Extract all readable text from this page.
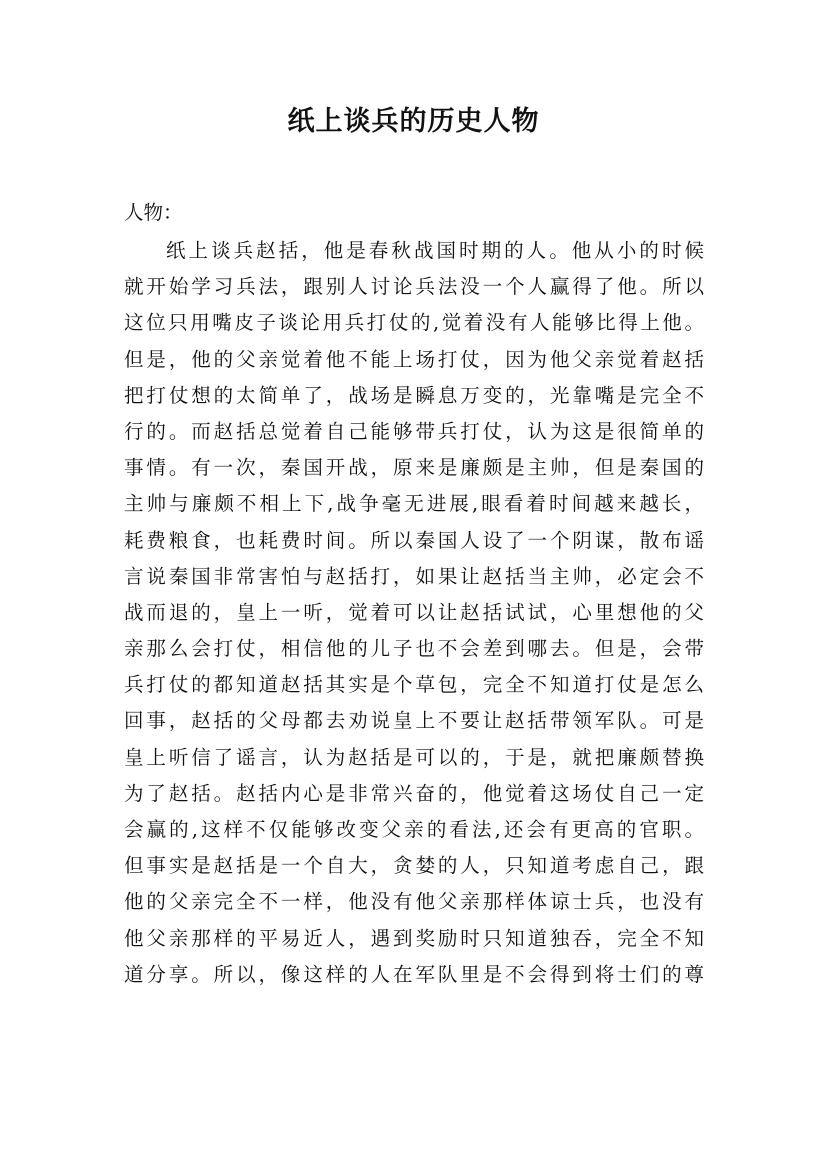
纸上谈兵的历史人物

人物：

纸上谈兵赵括，他是春秋战国时期的人。他从小的时候
就开始学习兵法，跟别人讨论兵法没一个人赢得了他。所以
这位只用嘴皮子谈论用兵打仗的,觉着没有人能够比得上他。
但是，他的父亲觉着他不能上场打仗，因为他父亲觉着赵括
把打仗想的太简单了，战场是瞬息万变的，光靠嘴是完全不
行的。而赵括总觉着自己能够带兵打仗，认为这是很简单的
事情。有一次，秦国开战，原来是廉颇是主帅，但是秦国的
主帅与廉颇不相上下,战争毫无进展,眼看着时间越来越长，
耗费粮食，也耗费时间。所以秦国人设了一个阴谋，散布谣
言说秦国非常害怕与赵括打，如果让赵括当主帅，必定会不
战而退的，皇上一听，觉着可以让赵括试试，心里想他的父
亲那么会打仗，相信他的儿子也不会差到哪去。但是，会带
兵打仗的都知道赵括其实是个草包，完全不知道打仗是怎么
回事，赵括的父母都去劝说皇上不要让赵括带领军队。可是
皇上听信了谣言，认为赵括是可以的，于是，就把廉颇替换
为了赵括。赵括内心是非常兴奋的，他觉着这场仗自己一定
会赢的,这样不仅能够改变父亲的看法,还会有更高的官职。
但事实是赵括是一个自大，贪婪的人，只知道考虑自己，跟
他的父亲完全不一样，他没有他父亲那样体谅士兵，也没有
他父亲那样的平易近人，遇到奖励时只知道独吞，完全不知
道分享。所以，像这样的人在军队里是不会得到将士们的尊
